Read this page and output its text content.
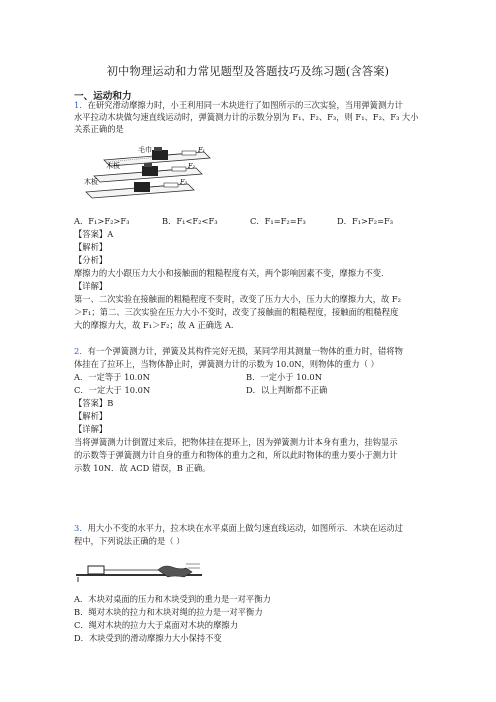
初中物理运动和力常见题型及答题技巧及练习题(含答案)
一、运动和力
1．在研究滑动摩擦力时，小王利用同一木块进行了如图所示的三次实验，当用弹簧测力计
水平拉动木块做匀速直线运动时，弹簧测力计的示数分别为 F₁、F₂、F₃，则 F₁、F₂、F₃ 大小
关系正确的是
毛巾
木板
木板
F₁
F₂
F₃
A．F₁>F₂>F₃	B．F₁<F₂<F₃	C．F₁=F₂=F₃	D．F₁>F₂=F₃
【答案】A
【解析】
【分析】
摩擦力的大小跟压力大小和接触面的粗糙程度有关，两个影响因素不变，摩擦力不变.
【详解】
第一、二次实验在接触面的粗糙程度不变时，改变了压力大小，压力大的摩擦力大，故 F₂
＞F₁；第二、三次实验在压力大小不变时，改变了接触面的粗糙程度，接触面的粗糙程度
大的摩擦力大，故 F₁＞F₂；故 A 正确选 A.
2．有一个弹簧测力计，弹簧及其构件完好无损，某同学用其测量一物体的重力时，错将物
体挂在了拉环上，当物体静止时，弹簧测力计的示数为 10.0N，则物体的重力（ ）
A．一定等于 10.0N	B．一定小于 10.0N
C．一定大于 10.0N	D．以上判断都不正确
【答案】B
【解析】
【详解】
当将弹簧测力计倒置过来后，把物体挂在提环上，因为弹簧测力计本身有重力，挂钩显示
的示数等于弹簧测力计自身的重力和物体的重力之和，所以此时物体的重力要小于测力计
示数 10N．故 ACD 错误，B 正确。
3．用大小不变的水平力，拉木块在水平桌面上做匀速直线运动，如图所示．木块在运动过
程中，下列说法正确的是（ ）
A．木块对桌面的压力和木块受到的重力是一对平衡力
B．绳对木块的拉力和木块对绳的拉力是一对平衡力
C．绳对木块的拉力大于桌面对木块的摩擦力
D．木块受到的滑动摩擦力大小保持不变
